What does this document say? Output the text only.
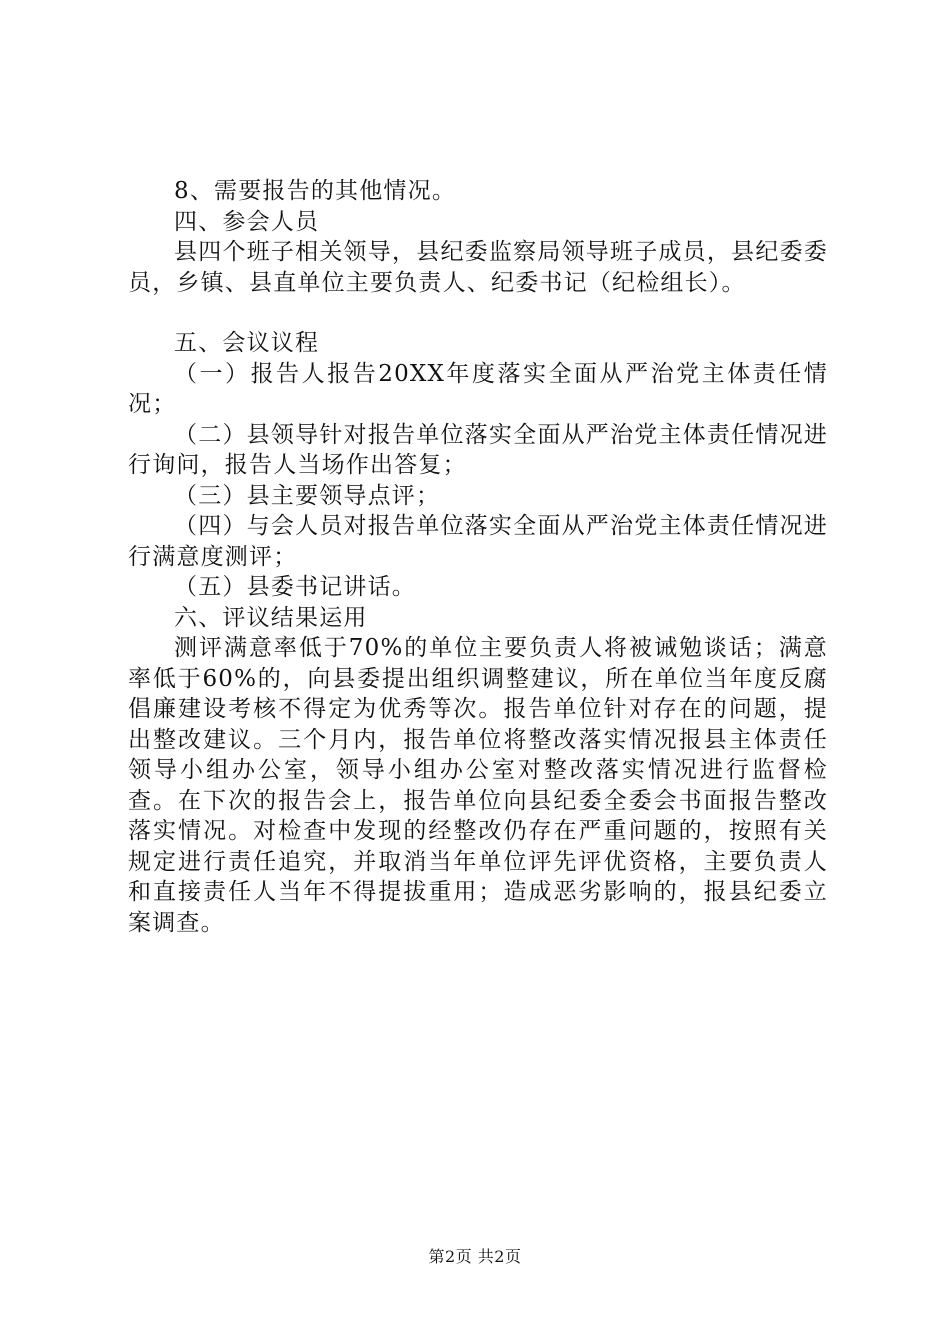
8、需要报告的其他情况。

四、参会人员

县四个班子相关领导，县纪委监察局领导班子成员，县纪委委员，乡镇、县直单位主要负责人、纪委书记（纪检组长）。

五、会议议程

（一）报告人报告20XX年度落实全面从严治党主体责任情况；

（二）县领导针对报告单位落实全面从严治党主体责任情况进行询问，报告人当场作出答复；

（三）县主要领导点评；

（四）与会人员对报告单位落实全面从严治党主体责任情况进行满意度测评；

（五）县委书记讲话。

六、评议结果运用

测评满意率低于70%的单位主要负责人将被诫勉谈话；满意率低于60%的，向县委提出组织调整建议，所在单位当年度反腐倡廉建设考核不得定为优秀等次。报告单位针对存在的问题，提出整改建议。三个月内，报告单位将整改落实情况报县主体责任领导小组办公室，领导小组办公室对整改落实情况进行监督检查。在下次的报告会上，报告单位向县纪委全委会书面报告整改落实情况。对检查中发现的经整改仍存在严重问题的，按照有关规定进行责任追究，并取消当年单位评先评优资格，主要负责人和直接责任人当年不得提拔重用；造成恶劣影响的，报县纪委立案调查。

第2页 共2页
